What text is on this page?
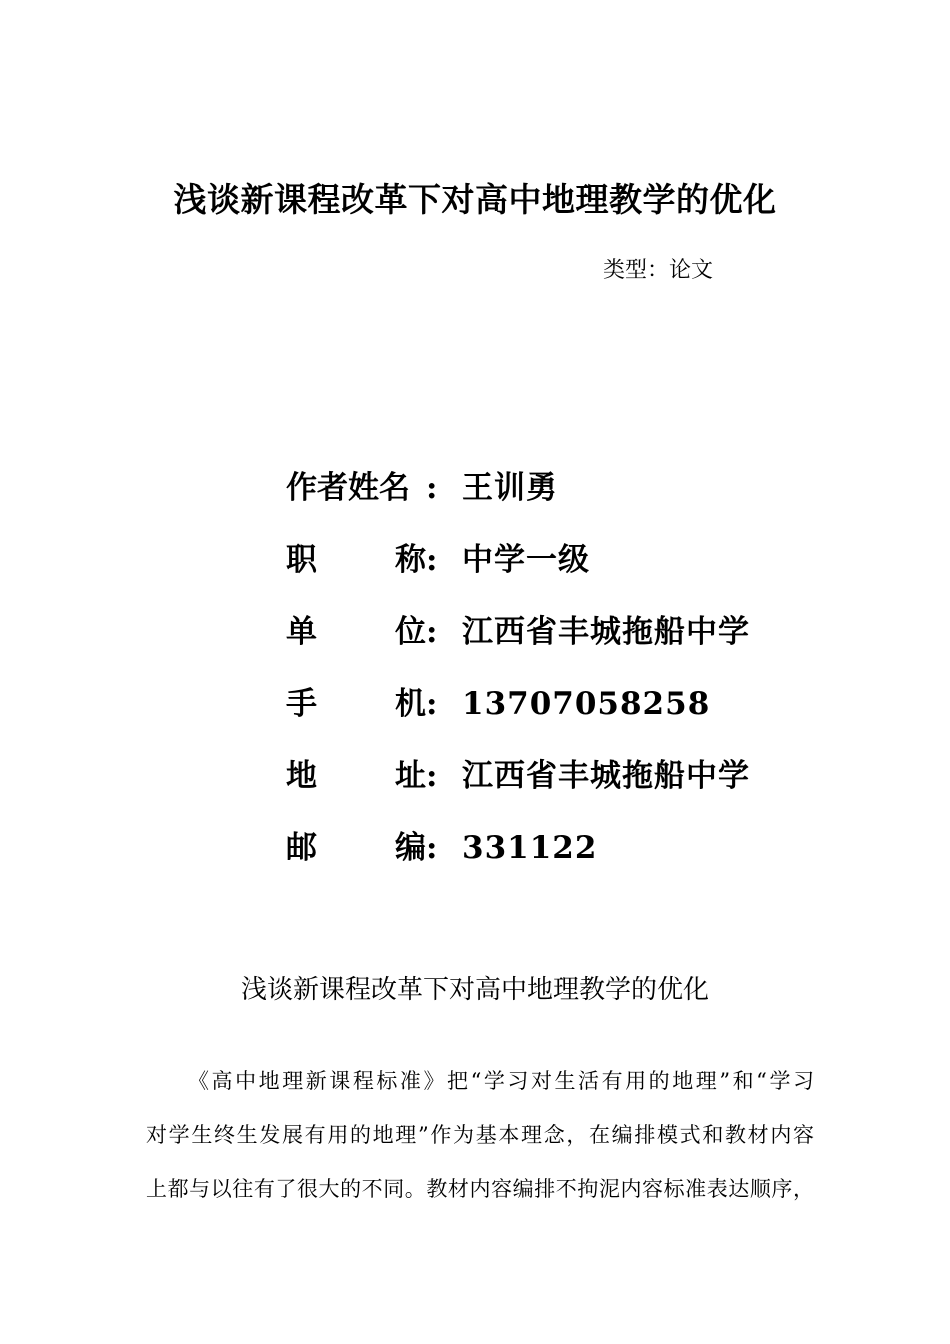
浅谈新课程改革下对高中地理教学的优化
类型：论文
作者姓名 : 王训勇
职	称 : 中学一级
单	位 : 江西省丰城拖船中学
手	机 : 13707058258
地	址 : 江西省丰城拖船中学
邮	编 : 331122
浅谈新课程改革下对高中地理教学的优化
《高中地理新课程标准》把“学习对生活有用的地理”和“学习
对学生终生发展有用的地理”作为基本理念，在编排模式和教材内容
上都与以往有了很大的不同。教材内容编排不拘泥内容标准表达顺序，
